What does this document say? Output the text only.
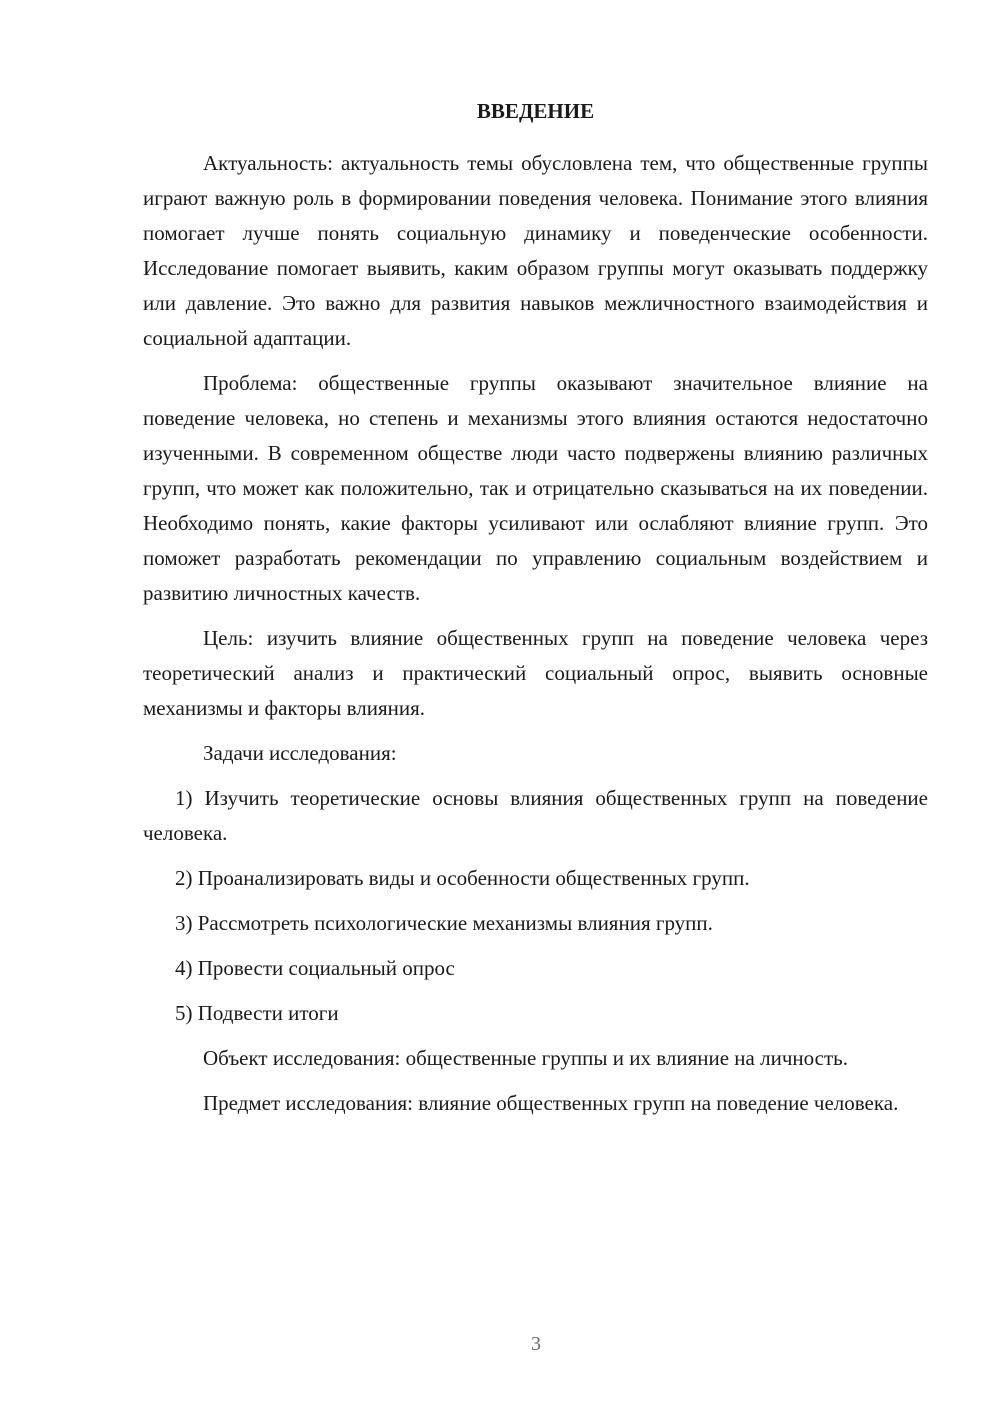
ВВЕДЕНИЕ

Актуальность: актуальность темы обусловлена тем, что общественные группы играют важную роль в формировании поведения человека. Понимание этого влияния помогает лучше понять социальную динамику и поведенческие особенности. Исследование помогает выявить, каким образом группы могут оказывать поддержку или давление. Это важно для развития навыков межличностного взаимодействия и социальной адаптации.

Проблема: общественные группы оказывают значительное влияние на поведение человека, но степень и механизмы этого влияния остаются недостаточно изученными. В современном обществе люди часто подвержены влиянию различных групп, что может как положительно, так и отрицательно сказываться на их поведении. Необходимо понять, какие факторы усиливают или ослабляют влияние групп. Это поможет разработать рекомендации по управлению социальным воздействием и развитию личностных качеств.

Цель: изучить влияние общественных групп на поведение человека через теоретический анализ и практический социальный опрос, выявить основные механизмы и факторы влияния.

Задачи исследования:

1) Изучить теоретические основы влияния общественных групп на поведение человека.

2) Проанализировать виды и особенности общественных групп.

3) Рассмотреть психологические механизмы влияния групп.

4) Провести социальный опрос

5) Подвести итоги

Объект исследования: общественные группы и их влияние на личность.

Предмет исследования: влияние общественных групп на поведение человека.

3
